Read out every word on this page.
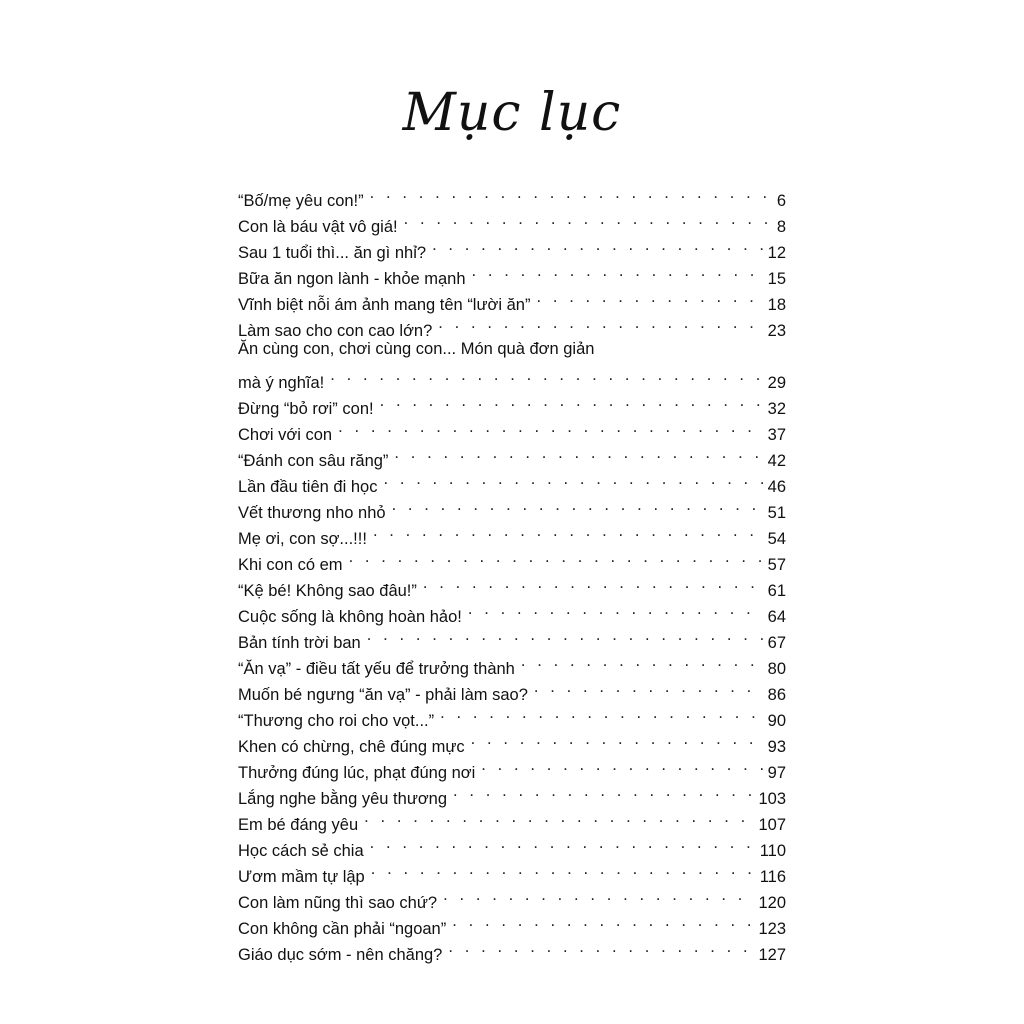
Mục lục
“Bố/mẹ yêu con!” . . .	6
Con là báu vật vô giá! . . .	8
Sau 1 tuổi thì... ăn gì nhỉ? . . .	12
Bữa ăn ngon lành - khỏe mạnh . . .	15
Vĩnh biệt nỗi ám ảnh mang tên “lười ăn” . . .	18
Làm sao cho con cao lớn? . . .	23
Ăn cùng con, chơi cùng con... Món quà đơn giản
mà ý nghĩa! . . .	29
Đừng “bỏ rơi” con! . . .	32
Chơi với con . . .	37
“Đánh con sâu răng” . . .	42
Lần đầu tiên đi học . . .	46
Vết thương nho nhỏ . . .	51
Mẹ ơi, con sợ...!!! . . .	54
Khi con có em . . .	57
“Kệ bé! Không sao đâu!” . . .	61
Cuộc sống là không hoàn hảo! . . .	64
Bản tính trời ban . . .	67
“Ăn vạ” - điều tất yếu để trưởng thành . . .	80
Muốn bé ngưng “ăn vạ” - phải làm sao? . . .	86
“Thương cho roi cho vọt...” . . .	90
Khen có chừng, chê đúng mực . . .	93
Thưởng đúng lúc, phạt đúng nơi . . .	97
Lắng nghe bằng yêu thương . . .	103
Em bé đáng yêu . . .	107
Học cách sẻ chia . . .	110
Ươm mầm tự lập . . .	116
Con làm nũng thì sao chứ? . . .	120
Con không cần phải “ngoan” . . .	123
Giáo dục sớm - nên chăng? . . .	127
